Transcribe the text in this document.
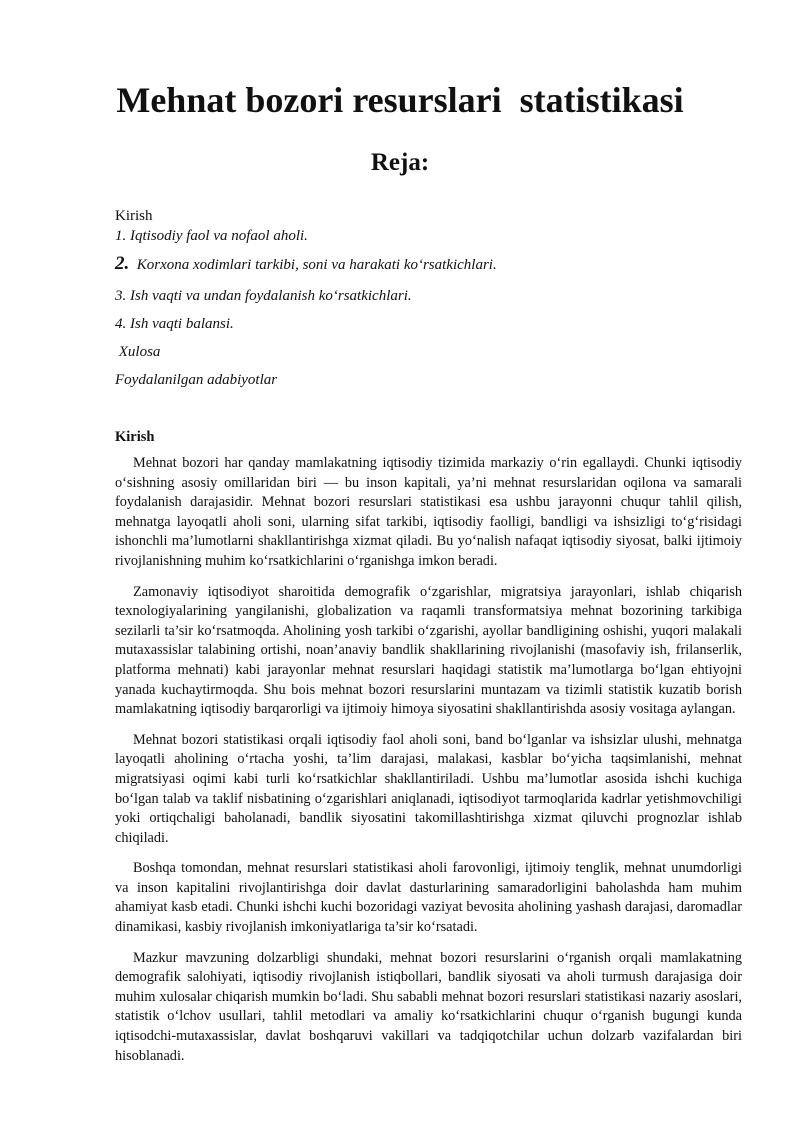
Mehnat bozori resurslari  statistikasi
Reja:
Kirish
1. Iqtisodiy faol va nofaol aholi.
2.  Korxona xodimlari tarkibi, soni va harakati ko‘rsatkichlari.
3. Ish vaqti va undan foydalanish ko‘rsatkichlari.
4. Ish vaqti balansi.
Xulosa
Foydalanilgan adabiyotlar
Kirish

Mehnat bozori har qanday mamlakatning iqtisodiy tizimida markaziy o‘rin egallaydi. Chunki iqtisodiy o‘sishning asosiy omillaridan biri — bu inson kapitali, ya’ni mehnat resurslaridan oqilona va samarali foydalanish darajasidir. Mehnat bozori resurslari statistikasi esa ushbu jarayonni chuqur tahlil qilish, mehnatga layoqatli aholi soni, ularning sifat tarkibi, iqtisodiy faolligi, bandligi va ishsizligi to‘g‘risidagi ishonchli ma’lumotlarni shakllantirishga xizmat qiladi. Bu yo‘nalish nafaqat iqtisodiy siyosat, balki ijtimoiy rivojlanishning muhim ko‘rsatkichlarini o‘rganishga imkon beradi.

Zamonaviy iqtisodiyot sharoitida demografik o‘zgarishlar, migratsiya jarayonlari, ishlab chiqarish texnologiyalarining yangilanishi, globalization va raqamli transformatsiya mehnat bozorining tarkibiga sezilarli ta’sir ko‘rsatmoqda. Aholining yosh tarkibi o‘zgarishi, ayollar bandligining oshishi, yuqori malakali mutaxassislar talabining ortishi, noan’anaviy bandlik shakllarining rivojlanishi (masofaviy ish, frilanserlik, platforma mehnati) kabi jarayonlar mehnat resurslari haqidagi statistik ma’lumotlarga bo‘lgan ehtiyojni yanada kuchaytirmoqda. Shu bois mehnat bozori resurslarini muntazam va tizimli statistik kuzatib borish mamlakatning iqtisodiy barqarorligi va ijtimoiy himoya siyosatini shakllantirishda asosiy vositaga aylangan.

Mehnat bozori statistikasi orqali iqtisodiy faol aholi soni, band bo‘lganlar va ishsizlar ulushi, mehnatga layoqatli aholining o‘rtacha yoshi, ta’lim darajasi, malakasi, kasblar bo‘yicha taqsimlanishi, mehnat migratsiyasi oqimi kabi turli ko‘rsatkichlar shakllantiriladi. Ushbu ma’lumotlar asosida ishchi kuchiga bo‘lgan talab va taklif nisbatining o‘zgarishlari aniqlanadi, iqtisodiyot tarmoqlarida kadrlar yetishmovchiligi yoki ortiqchaligi baholanadi, bandlik siyosatini takomillashtirishga xizmat qiluvchi prognozlar ishlab chiqiladi.

Boshqa tomondan, mehnat resurslari statistikasi aholi farovonligi, ijtimoiy tenglik, mehnat unumdorligi va inson kapitalini rivojlantirishga doir davlat dasturlarining samaradorligini baholashda ham muhim ahamiyat kasb etadi. Chunki ishchi kuchi bozoridagi vaziyat bevosita aholining yashash darajasi, daromadlar dinamikasi, kasbiy rivojlanish imkoniyatlariga ta’sir ko‘rsatadi.

Mazkur mavzuning dolzarbligi shundaki, mehnat bozori resurslarini o‘rganish orqali mamlakatning demografik salohiyati, iqtisodiy rivojlanish istiqbollari, bandlik siyosati va aholi turmush darajasiga doir muhim xulosalar chiqarish mumkin bo‘ladi. Shu sababli mehnat bozori resurslari statistikasi nazariy asoslari, statistik o‘lchov usullari, tahlil metodlari va amaliy ko‘rsatkichlarini chuqur o‘rganish bugungi kunda iqtisodchi-mutaxassislar, davlat boshqaruvi vakillari va tadqiqotchilar uchun dolzarb vazifalardan biri hisoblanadi.
